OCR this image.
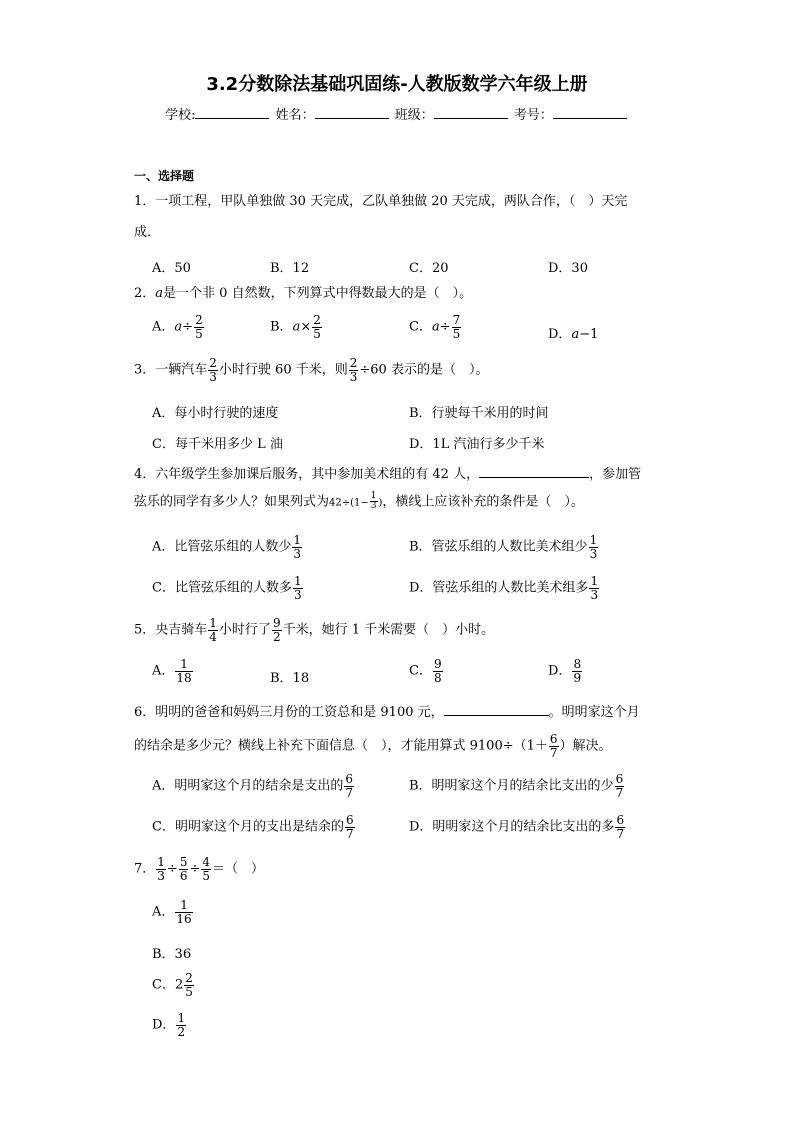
3.2分数除法基础巩固练-人教版数学六年级上册
学校:	姓名：	班级：	考号：
一、选择题
1．一项工程，甲队单独做 30 天完成，乙队单独做 20 天完成，两队合作，（　）天完
成．
A．50	B．12	C．20	D．30
2．a是一个非 0 自然数，下列算式中得数最大的是（　）。
A．$a\div \frac{2}{5}$	B．$a\times \frac{2}{5}$	C．$a\div \frac{7}{5}$	D．a−1
3．一辆汽车 $\frac{2}{3}$ 小时行驶 60 千米，则 $\frac{2}{3} \div 60$ 表示的是（　）。
A．每小时行驶的速度	B．行驶每千米用的时间
C．每千米用多少 L 油	D．1L 汽油行多少千米
4．六年级学生参加课后服务，其中参加美术组的有 42 人，	，参加管
弦乐的同学有多少人？如果列式为$42\div(1- \frac{1}{3}$ )，横线上应该补充的条件是（　）。
A．比管弦乐组的人数少 $\frac{1}{3}$	B．管弦乐组的人数比美术组少 $\frac{1}{3}$
C．比管弦乐组的人数多 $\frac{1}{3}$	D．管弦乐组的人数比美术组多 $\frac{1}{3}$
5．央吉骑车 $\frac{1}{4}$ 小时行了 $\frac{9}{2}$ 千米，她行 1 千米需要（　）小时。
A． $\frac{1}{18}$	B．18	C． $\frac{9}{8}$	D． $\frac{8}{9}$
6．明明的爸爸和妈妈三月份的工资总和是 9100 元，	。明明家这个月
的结余是多少元？横线上补充下面信息（　），才能用算式 $9100\div(1+ \frac{6}{7}$ ）解决。
A．明明家这个月的结余是支出的 $\frac{6}{7}$	B．明明家这个月的结余比支出的少 $\frac{6}{7}$
C．明明家这个月的支出是结余的 $\frac{6}{7}$	D．明明家这个月的结余比支出的多 $\frac{6}{7}$
7． $\frac{1}{3} \div \frac{5}{6} \div \frac{4}{5}$ ＝（　）
A． $\frac{1}{16}$
B．36
C．$2 \frac{2}{5}$
D． $\frac{1}{2}$
